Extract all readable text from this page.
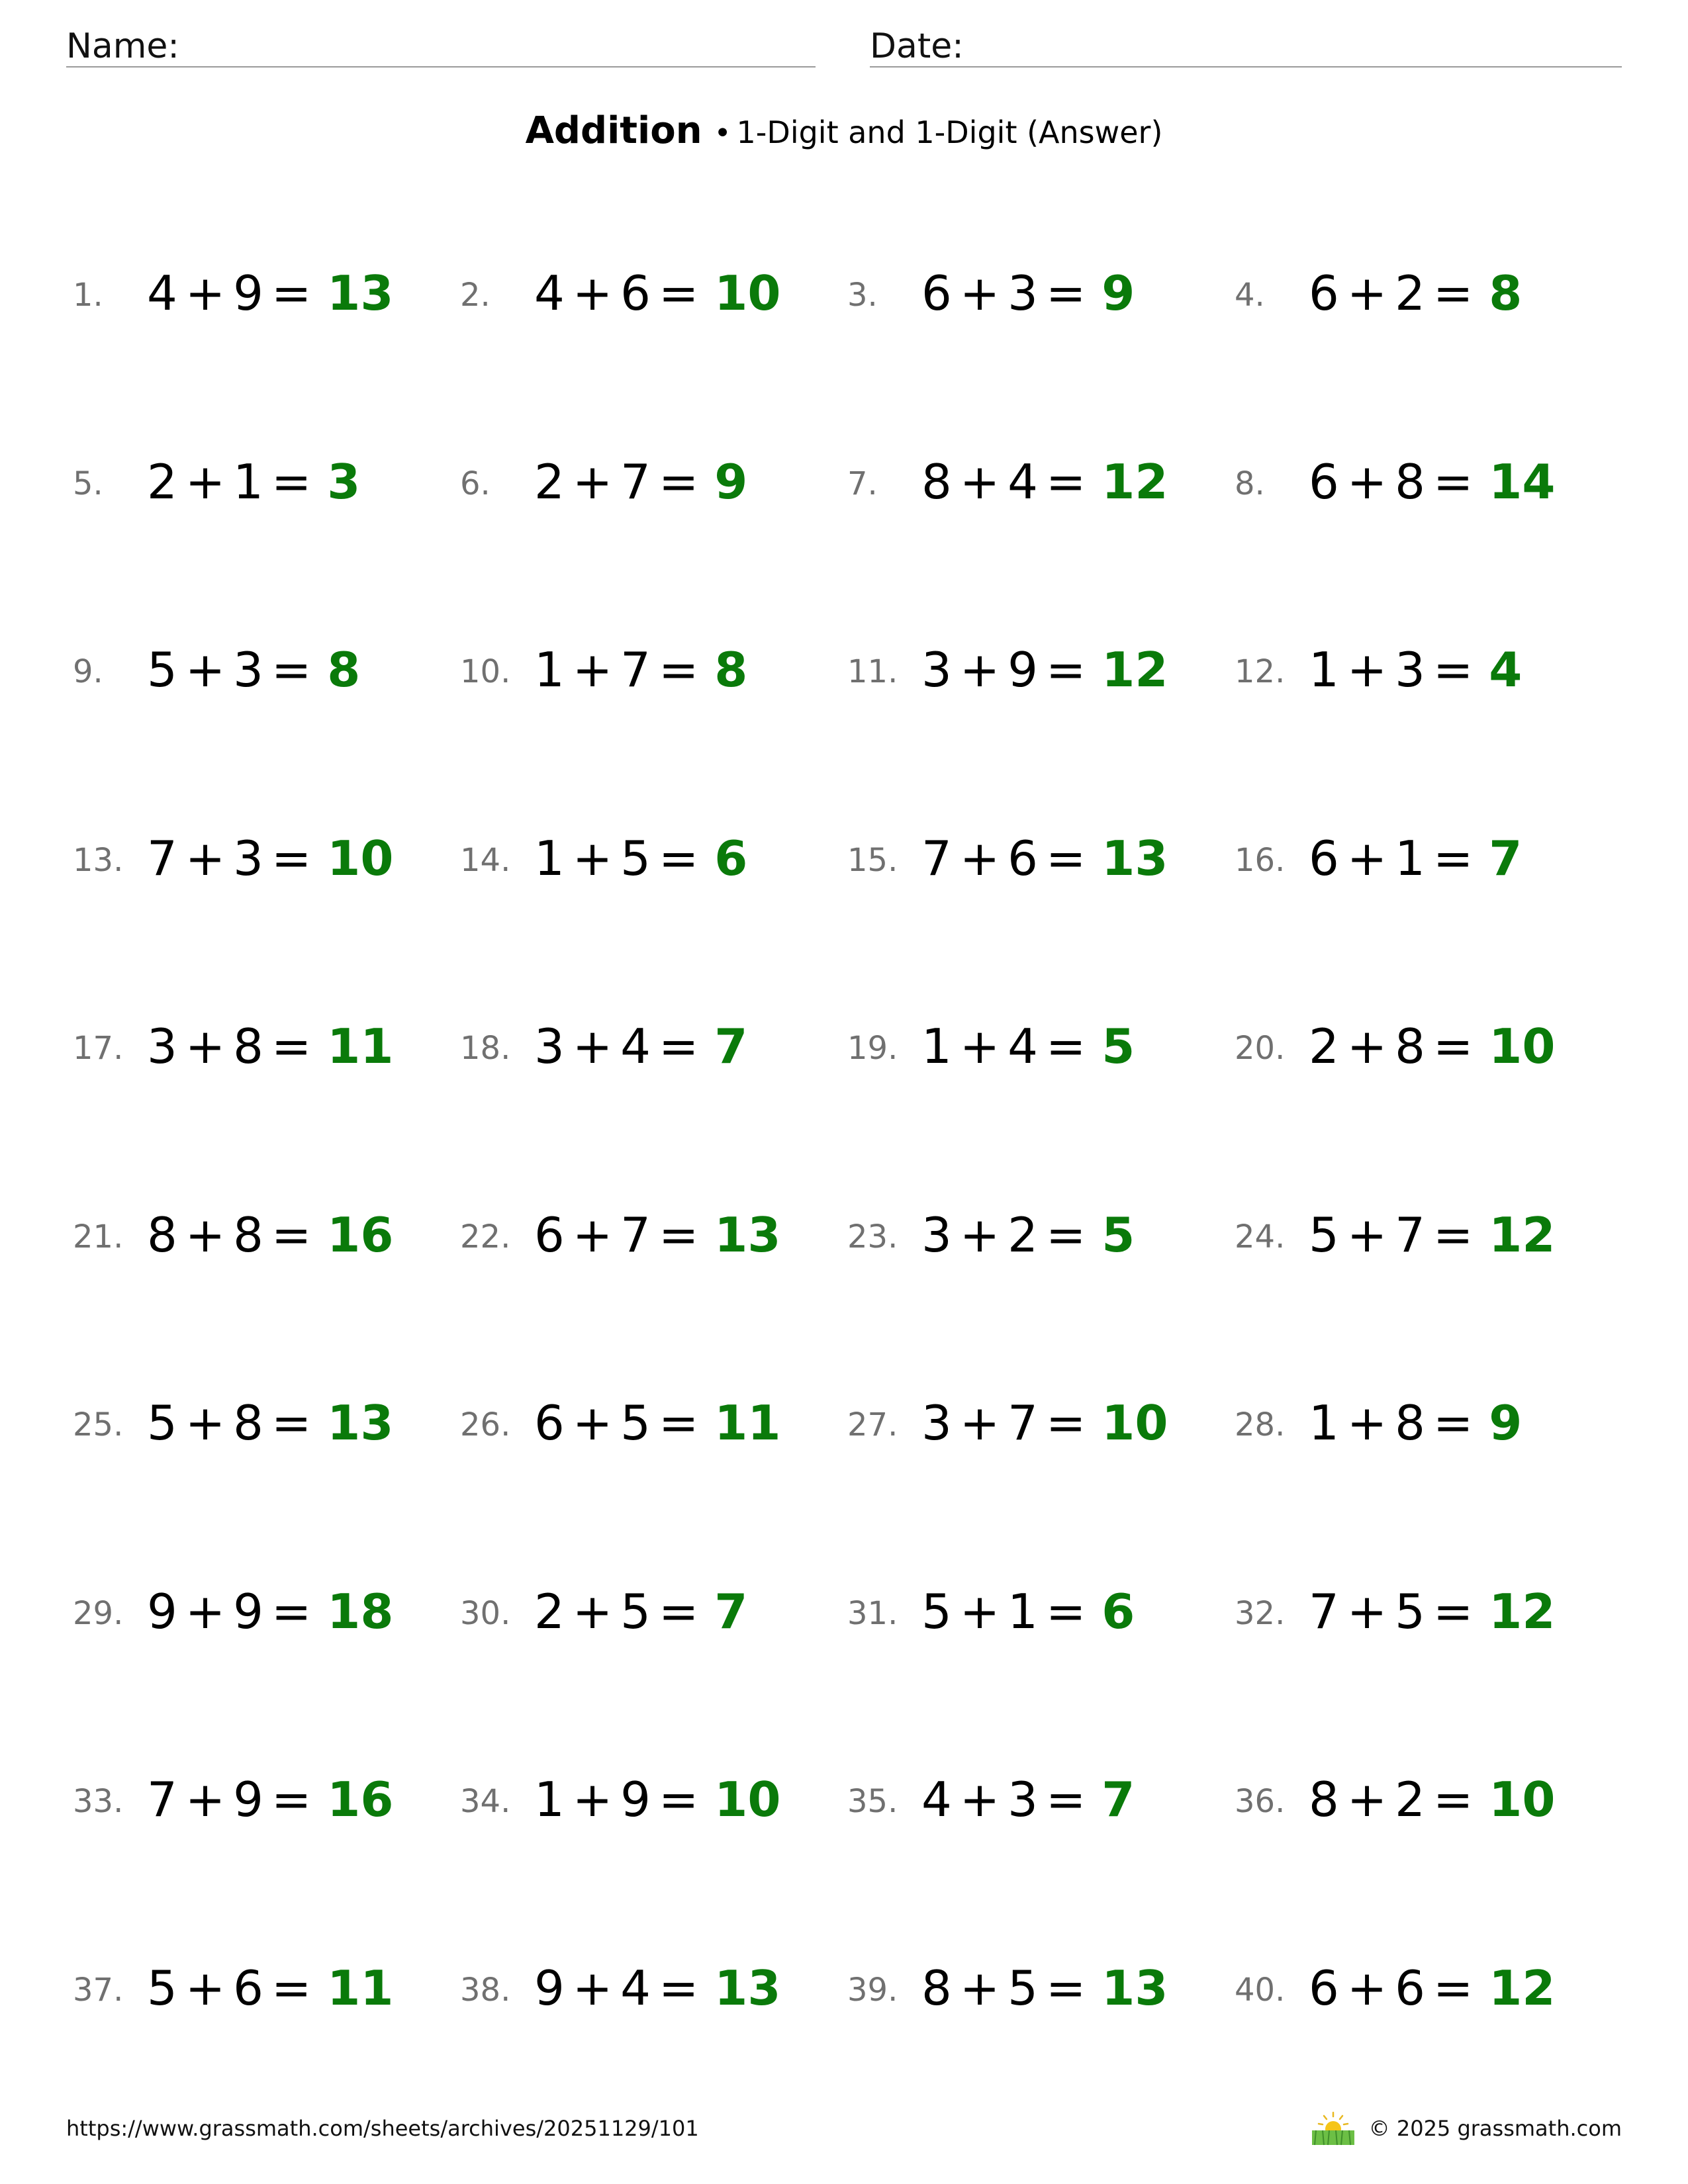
Name:	Date:
Addition • 1-Digit and 1-Digit (Answer)
1. 4 + 9 = 13 2. 4 + 6 = 10 3. 6 + 3 = 9	4. 6 + 2 = 8
5. 2 + 1 = 3	6. 2 + 7 = 9	7. 8 + 4 = 12 8. 6 + 8 = 14
9. 5 + 3 = 8	10. 1 + 7 = 8	11. 3 + 9 = 12 12. 1 + 3 = 4
13. 7 + 3 = 10 14. 1 + 5 = 6	15. 7 + 6 = 13 16. 6 + 1 = 7
17. 3 + 8 = 11 18. 3 + 4 = 7	19. 1 + 4 = 5	20. 2 + 8 = 10
21. 8 + 8 = 16 22. 6 + 7 = 13 23. 3 + 2 = 5	24. 5 + 7 = 12
25. 5 + 8 = 13 26. 6 + 5 = 11 27. 3 + 7 = 10 28. 1 + 8 = 9
29. 9 + 9 = 18 30. 2 + 5 = 7	31. 5 + 1 = 6	32. 7 + 5 = 12
33. 7 + 9 = 16 34. 1 + 9 = 10 35. 4 + 3 = 7	36. 8 + 2 = 10
37. 5 + 6 = 11 38. 9 + 4 = 13 39. 8 + 5 = 13 40. 6 + 6 = 12
https://www.grassmath.com/sheets/archives/20251129/101	© 2025 grassmath.com
